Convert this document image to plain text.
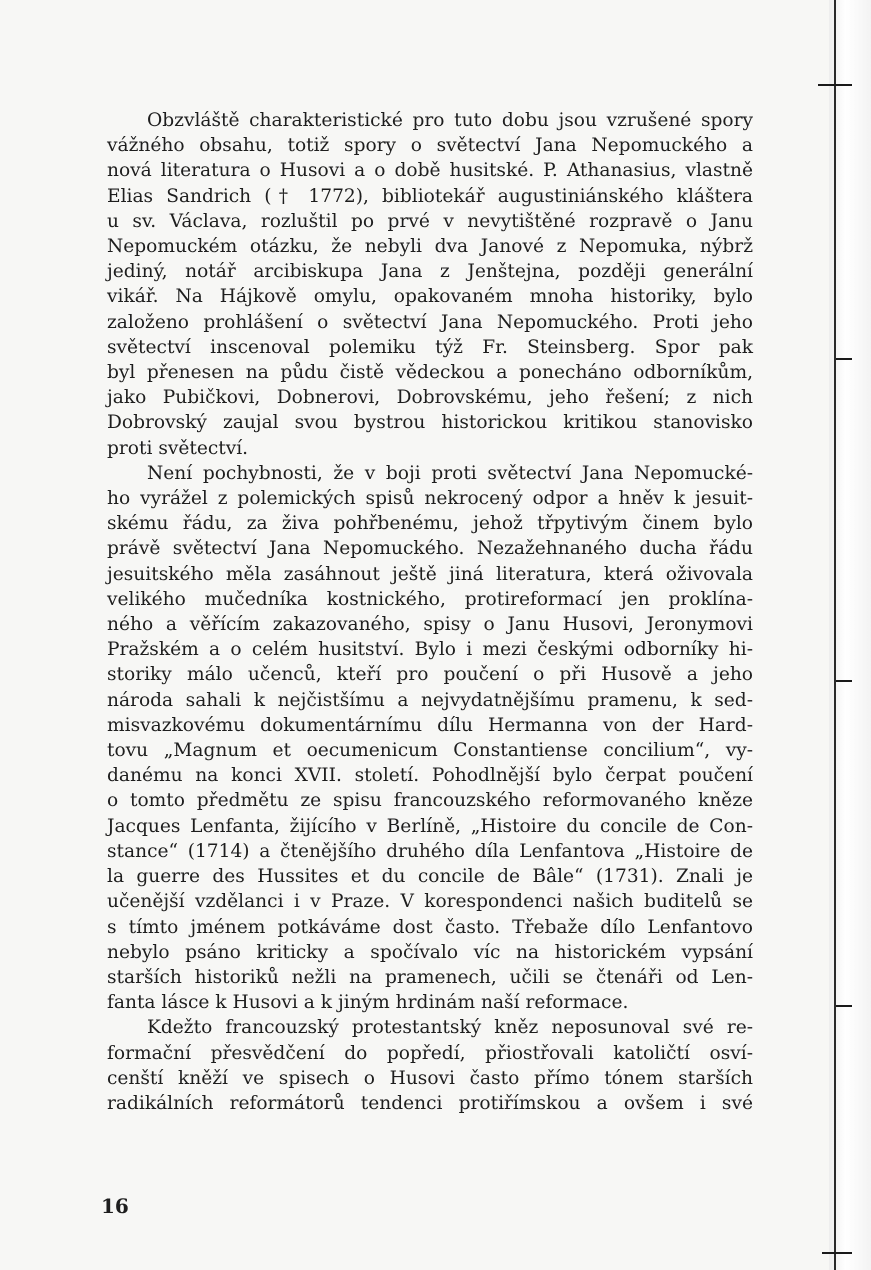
Obzvláště charakteristické pro tuto dobu jsou vzrušené spory

vážného obsahu, totiž spory o světectví Jana Nepomuckého a

nová literatura o Husovi a o době husitské. P. Athanasius, vlastně

Elias Sandrich († 1772), bibliotekář augustiniánského kláštera

u sv. Václava, rozluštil po prvé v nevytištěné rozpravě o Janu

Nepomuckém otázku, že nebyli dva Janové z Nepomuka, nýbrž

jediný, notář arcibiskupa Jana z Jenštejna, později generální

vikář. Na Hájkově omylu, opakovaném mnoha historiky, bylo

založeno prohlášení o světectví Jana Nepomuckého. Proti jeho

světectví inscenoval polemiku týž Fr. Steinsberg. Spor pak

byl přenesen na půdu čistě vědeckou a ponecháno odborníkům,

jako Pubičkovi, Dobnerovi, Dobrovskému, jeho řešení; z nich

Dobrovský zaujal svou bystrou historickou kritikou stanovisko

proti světectví.

Není pochybnosti, že v boji proti světectví Jana Nepomucké-

ho vyrážel z polemických spisů nekrocený odpor a hněv k jesuit-

skému řádu, za živa pohřbenému, jehož třpytivým činem bylo

právě světectví Jana Nepomuckého. Nezažehnaného ducha řádu

jesuitského měla zasáhnout ještě jiná literatura, která oživovala

velikého mučedníka kostnického, protireformací jen proklína-

ného a věřícím zakazovaného, spisy o Janu Husovi, Jeronymovi

Pražském a o celém husitství. Bylo i mezi českými odborníky hi-

storiky málo učenců, kteří pro poučení o při Husově a jeho

národa sahali k nejčistšímu a nejvydatnějšímu pramenu, k sed-

misvazkovému dokumentárnímu dílu Hermanna von der Hard-

tovu „Magnum et oecumenicum Constantiense concilium“, vy-

danému na konci XVII. století. Pohodlnější bylo čerpat poučení

o tomto předmětu ze spisu francouzského reformovaného kněze

Jacques Lenfanta, žijícího v Berlíně, „Histoire du concile de Con-

stance“ (1714) a čtenějšího druhého díla Lenfantova „Histoire de

la guerre des Hussites et du concile de Bâle“ (1731). Znali je

učenější vzdělanci i v Praze. V korespondenci našich buditelů se

s tímto jménem potkáváme dost často. Třebaže dílo Lenfantovo

nebylo psáno kriticky a spočívalo víc na historickém vypsání

starších historiků nežli na pramenech, učili se čtenáři od Len-

fanta lásce k Husovi a k jiným hrdinám naší reformace.

Kdežto francouzský protestantský kněz neposunoval své re-

formační přesvědčení do popředí, přiostřovali katoličtí osví-

cenští kněží ve spisech o Husovi často přímo tónem starších

radikálních reformátorů tendenci protiřímskou a ovšem i své

16
